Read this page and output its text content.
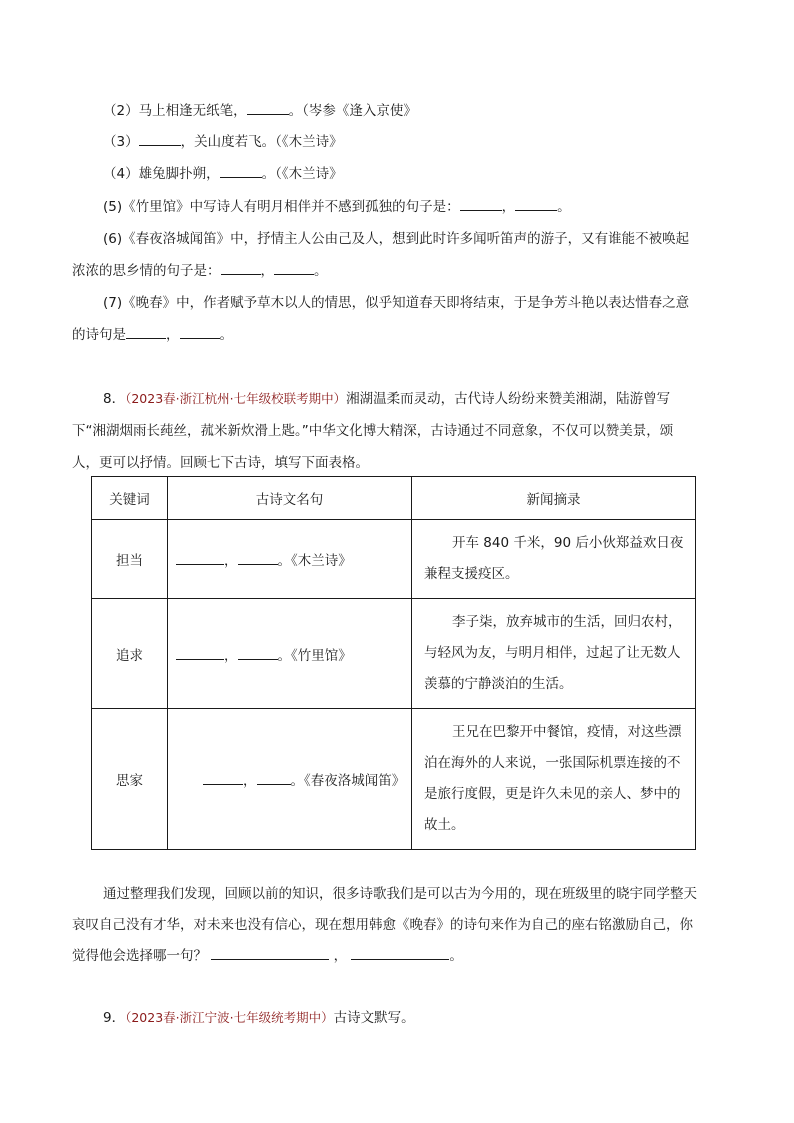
（2）马上相逢无纸笔，	。（岑参《逢入京使》
（3）	，关山度若飞。（《木兰诗》
（4）雄兔脚扑朔，	。（《木兰诗》
(5)《竹里馆》中写诗人有明月相伴并不感到孤独的句子是：	，	。
(6)《春夜洛城闻笛》中，抒情主人公由己及人，想到此时许多闻听笛声的游子，又有谁能不被唤起
浓浓的思乡情的句子是：	，	。
(7)《晚春》中，作者赋予草木以人的情思，似乎知道春天即将结束，于是争芳斗艳以表达惜春之意
的诗句是	，	。
8．（2023春·浙江杭州·七年级校联考期中）湘湖温柔而灵动，古代诗人纷纷来赞美湘湖，陆游曾写
下“湘湖烟雨长莼丝，菰米新炊滑上匙。”中华文化博大精深，古诗通过不同意象，不仅可以赞美景，颂
人，更可以抒情。回顾七下古诗，填写下面表格。
关键词	古诗文名句	新闻摘录
担当	， 。《木兰诗》	开车 840 千米，90 后小伙郑益欢日夜兼程支援疫区。
追求	， 。《竹里馆》	李子柒，放弃城市的生活，回归农村，与轻风为友，与明月相伴，过起了让无数人羡慕的宁静淡泊的生活。
思家	， 。《春夜洛城闻笛》	王兄在巴黎开中餐馆，疫情，对这些漂泊在海外的人来说，一张国际机票连接的不是旅行度假，更是许久未见的亲人、梦中的故土。
通过整理我们发现，回顾以前的知识，很多诗歌我们是可以古为今用的，现在班级里的晓宇同学整天
哀叹自己没有才华，对未来也没有信心，现在想用韩愈《晚春》的诗句来作为自己的座右铭激励自己，你
觉得他会选择哪一句？	，	。
9．（2023春·浙江宁波·七年级统考期中）古诗文默写。
